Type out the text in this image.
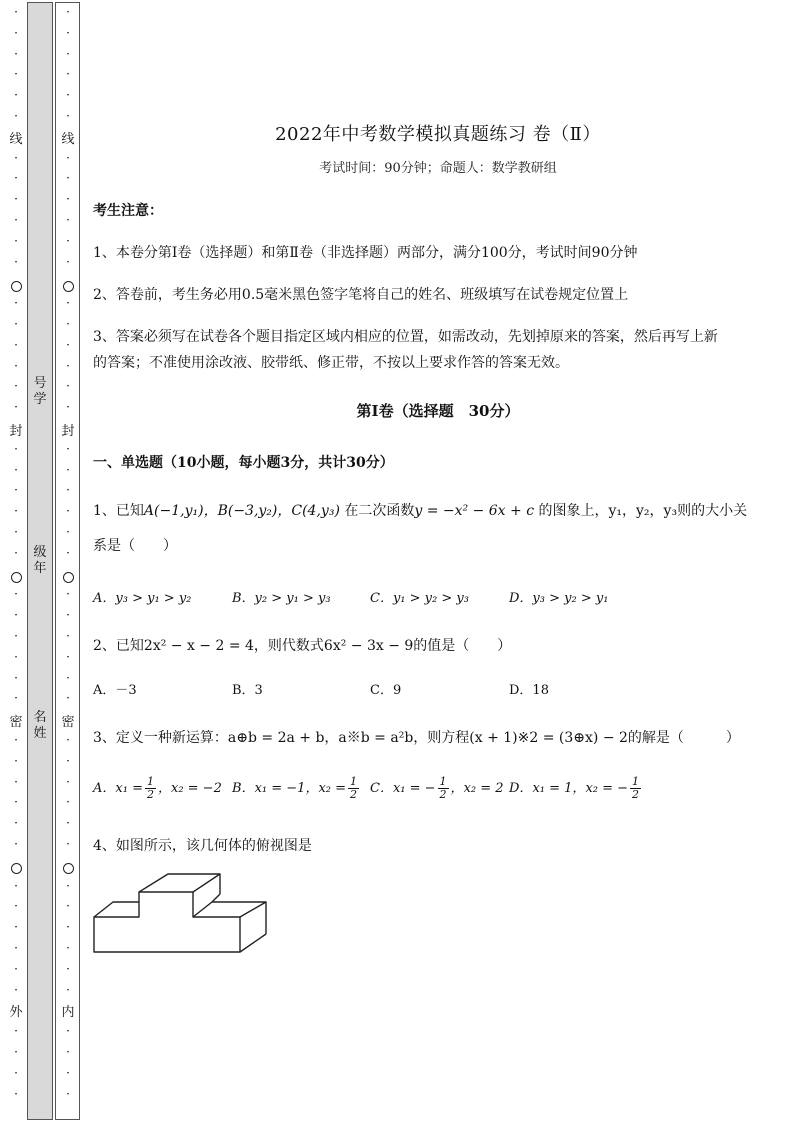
·
·
·
·
·
·
·
·
·
·
·
·
·
·
·
·
·
·
·
·
·
·
·
·
·
·
·
·
·
·
·
·
·
·
·
·
·
·
·
·
·
·
·
·
·
·
线
封
密
外
·
·
·
·
·
·
·
·
·
·
·
·
·
·
·
·
·
·
·
·
·
·
·
·
·
·
·
·
·
·
·
·
·
·
·
·
·
·
·
·
·
·
·
·
·
·
线
封
密
内
号
学
级
年
名
姓
2022年中考数学模拟真题练习 卷（Ⅱ）
考试时间：90分钟；命题人：数学教研组
考生注意：
1、本卷分第I卷（选择题）和第Ⅱ卷（非选择题）两部分，满分100分，考试时间90分钟
2、答卷前，考生务必用0.5毫米黑色签字笔将自己的姓名、班级填写在试卷规定位置上
3、答案必须写在试卷各个题目指定区域内相应的位置，如需改动，先划掉原来的答案，然后再写上新
的答案；不准使用涂改液、胶带纸、修正带，不按以上要求作答的答案无效。
第I卷（选择题　30分）
一、单选题（10小题，每小题3分，共计30分）
1、已知A(−1,y₁)，B(−3,y₂)，C(4,y₃) 在二次函数y = −x² − 6x + c 的图象上，y₁，y₂，y₃则的大小关
系是（　　）
A．y₃ > y₁ > y₂	B．y₂ > y₁ > y₃	C．y₁ > y₂ > y₃	D．y₃ > y₂ > y₁
2、已知2x² − x − 2 = 4，则代数式6x² − 3x − 9的值是（　　）
A．－3	B．3	C．9	D．18
3、定义一种新运算：a⊕b = 2a + b，a※b = a²b，则方程(x + 1)※2 = (3⊕x) − 2的解是（　　　）
A．$x_1 = \frac{1}{2}$ ，x₂ = −2 B．x₁ = −1，$x_2 = \frac{1}{2}$ C．x₁ = − $\frac{1}{2}$ ，x₂ = 2 D．x₁ = 1，x₂ = − $\frac{1}{2}$
4、如图所示，该几何体的俯视图是
